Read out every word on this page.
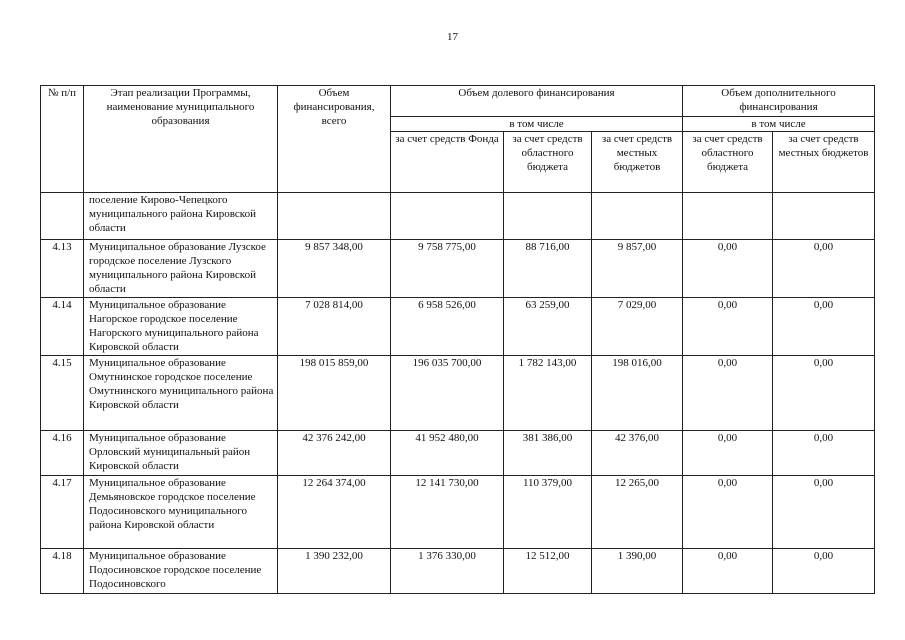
17
№ п/п	Этап реализации Программы, наименование муниципального образования	Объем финансирования, всего	Объем долевого финансирования			Объем дополнительного финансирования	
			в том числе			в том числе	
			за счет средств Фонда	за счет средств областного бюджета	за счет средств местных бюджетов	за счет средств областного бюджета	за счет средств местных бюджетов
	поселение Кирово-Чепецкого муниципального района Кировской области						
4.13	Муниципальное образование Лузское городское поселение Лузского муниципального района Кировской области	9 857 348,00	9 758 775,00	88 716,00	9 857,00	0,00	0,00
4.14	Муниципальное образование Нагорское городское поселение Нагорского муниципального района Кировской области	7 028 814,00	6 958 526,00	63 259,00	7 029,00	0,00	0,00
4.15	Муниципальное образование Омутнинское городское поселение Омутнинского муниципального района Кировской области	198 015 859,00	196 035 700,00	1 782 143,00	198 016,00	0,00	0,00
4.16	Муниципальное образование Орловский муниципальный район Кировской области	42 376 242,00	41 952 480,00	381 386,00	42 376,00	0,00	0,00
4.17	Муниципальное образование Демьяновское городское поселение Подосиновского муниципального района Кировской области	12 264 374,00	12 141 730,00	110 379,00	12 265,00	0,00	0,00
4.18	Муниципальное образование Подосиновское городское поселение Подосиновского	1 390 232,00	1 376 330,00	12 512,00	1 390,00	0,00	0,00
